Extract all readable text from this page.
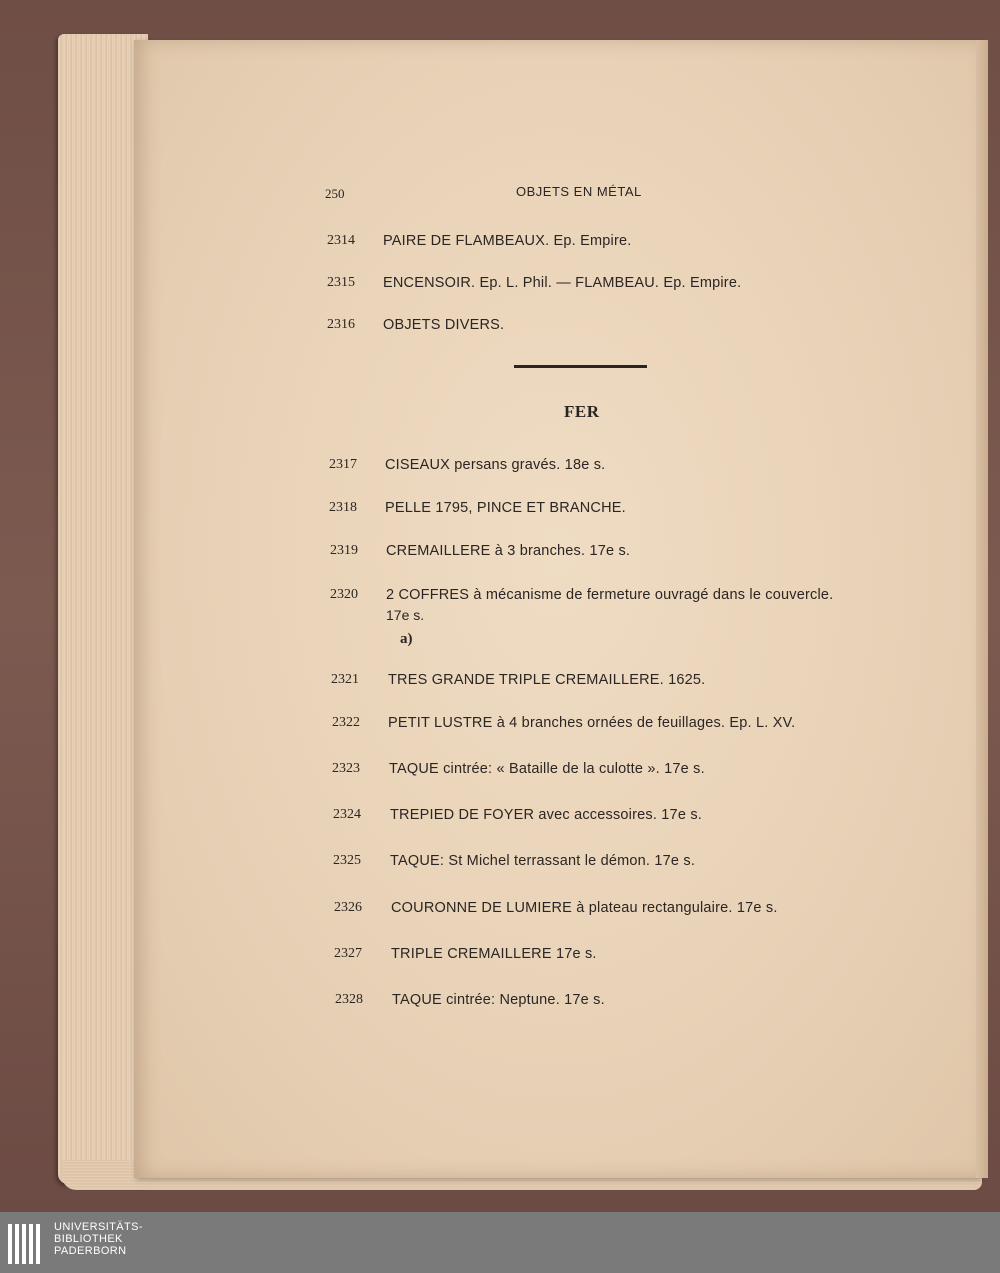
250	OBJETS EN MÉTAL
2314 PAIRE DE FLAMBEAUX. Ep. Empire.
2315 ENCENSOIR. Ep. L. Phil. — FLAMBEAU. Ep. Empire.
2316 OBJETS DIVERS.
FER
2317 CISEAUX persans gravés. 18e s.
2318 PELLE 1795, PINCE ET BRANCHE.
2319 CREMAILLERE à 3 branches. 17e s.
2320 2 COFFRES à mécanisme de fermeture ouvragé dans le couvercle.
17e s.
a)
2321 TRES GRANDE TRIPLE CREMAILLERE. 1625.
2322 PETIT LUSTRE à 4 branches ornées de feuillages. Ep. L. XV.
2323 TAQUE cintrée: « Bataille de la culotte ». 17e s.
2324 TREPIED DE FOYER avec accessoires. 17e s.
2325 TAQUE: St Michel terrassant le démon. 17e s.
2326 COURONNE DE LUMIERE à plateau rectangulaire. 17e s.
2327 TRIPLE CREMAILLERE 17e s.
2328 TAQUE cintrée: Neptune. 17e s.
UNIVERSITÄTS-
BIBLIOTHEK
PADERBORN
